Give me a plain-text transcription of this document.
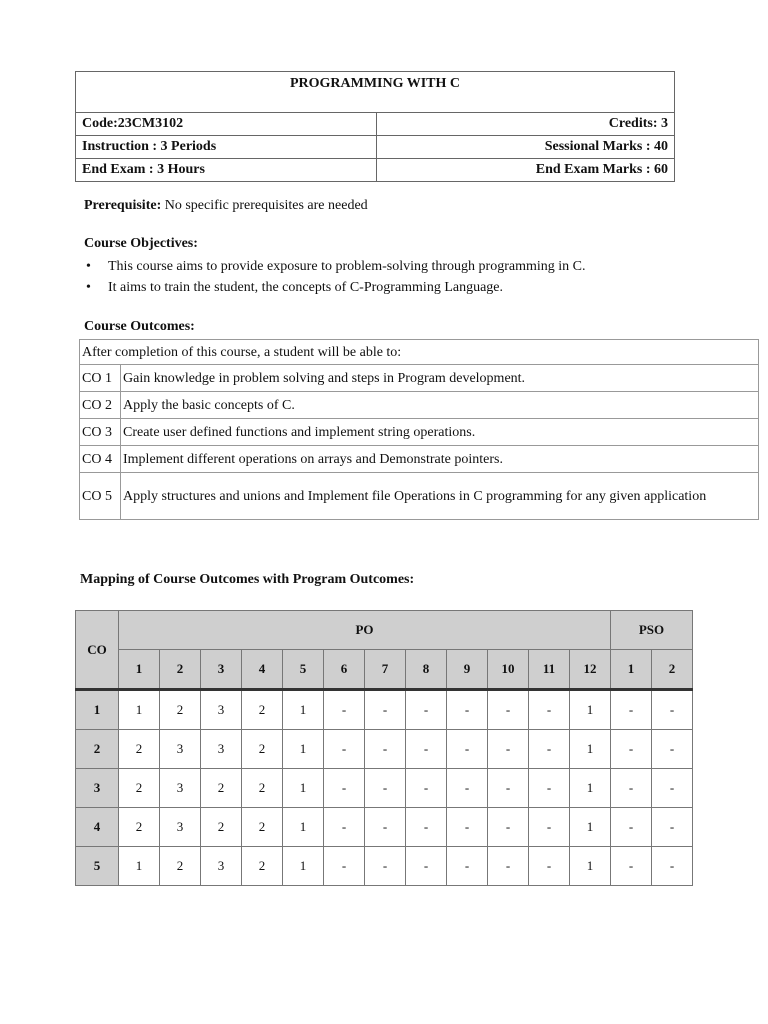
PROGRAMMING WITH C	
Code:23CM3102	Credits: 3
Instruction : 3 Periods	Sessional Marks : 40
End Exam : 3 Hours	End Exam Marks : 60
Prerequisite: No specific prerequisites are needed
Course Objectives:
• This course aims to provide exposure to problem-solving through programming in C.
• It aims to train the student, the concepts of C-Programming Language.
Course Outcomes:
After completion of this course, a student will be able to:	
CO 1	Gain knowledge in problem solving and steps in Program development.
CO 2	Apply the basic concepts of C.
CO 3	Create user defined functions and implement string operations.
CO 4	Implement different operations on arrays and Demonstrate pointers.
CO 5	Apply structures and unions and Implement file Operations in C programming for any given application
Mapping of Course Outcomes with Program Outcomes:
CO	PO												PSO	
	1	2	3	4	5	6	7	8	9	10	11	12	1	2
1	1	2	3	2	1	-	-	-	-	-	-	1	-	-
2	2	3	3	2	1	-	-	-	-	-	-	1	-	-
3	2	3	2	2	1	-	-	-	-	-	-	1	-	-
4	2	3	2	2	1	-	-	-	-	-	-	1	-	-
5	1	2	3	2	1	-	-	-	-	-	-	1	-	-
